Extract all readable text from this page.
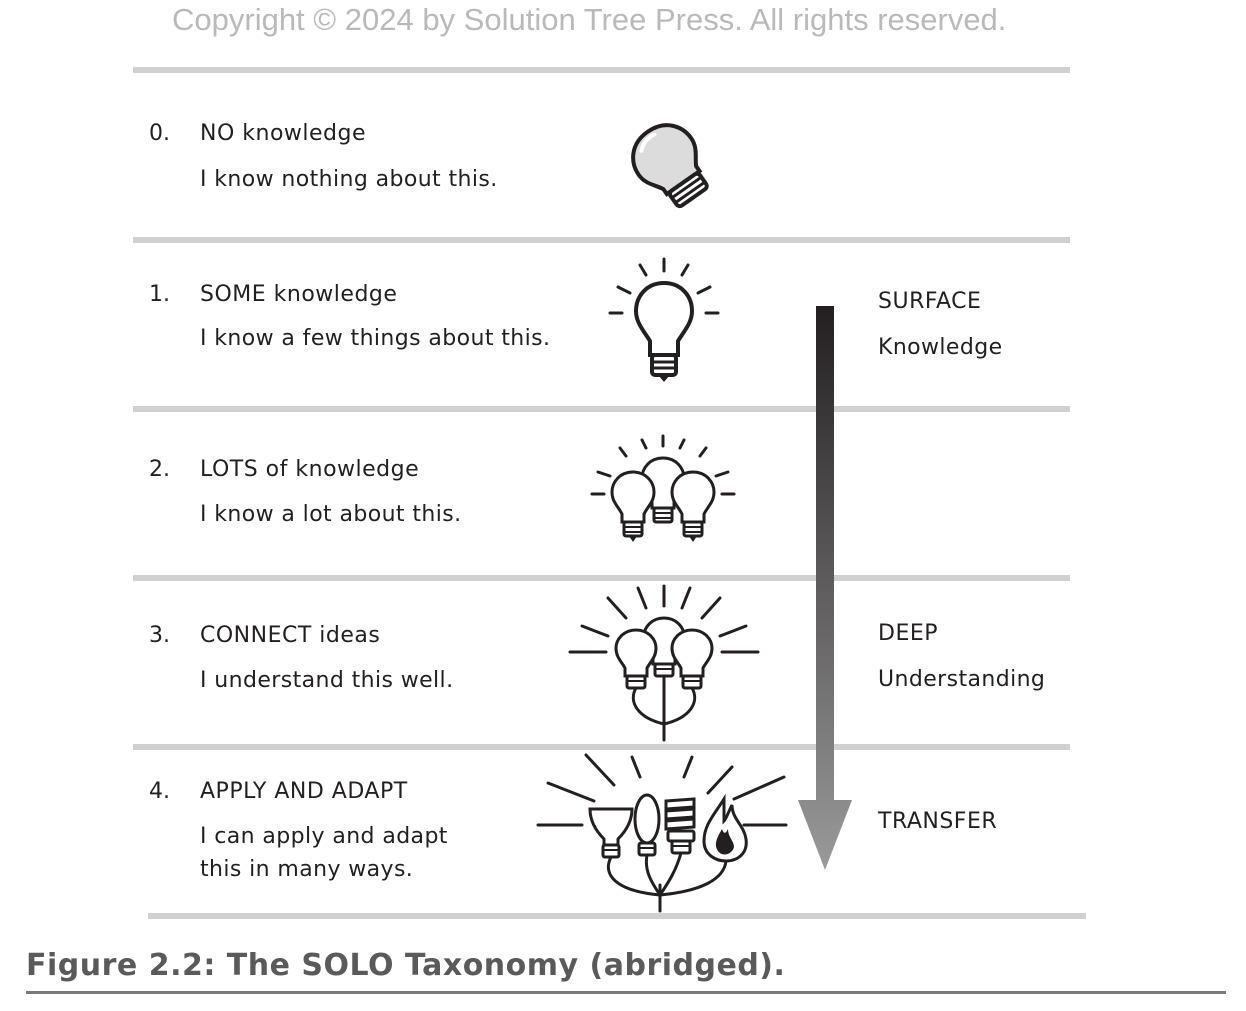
Copyright © 2024 by Solution Tree Press. All rights reserved.
0. NO knowledge
I know nothing about this.
1. SOME knowledge
I know a few things about this.
2. LOTS of knowledge
I know a lot about this.
3. CONNECT ideas
I understand this well.
4. APPLY AND ADAPT
I can apply and adapt
this in many ways.
SURFACE
Knowledge
DEEP
Understanding
TRANSFER
Figure 2.2: The SOLO Taxonomy (abridged).
